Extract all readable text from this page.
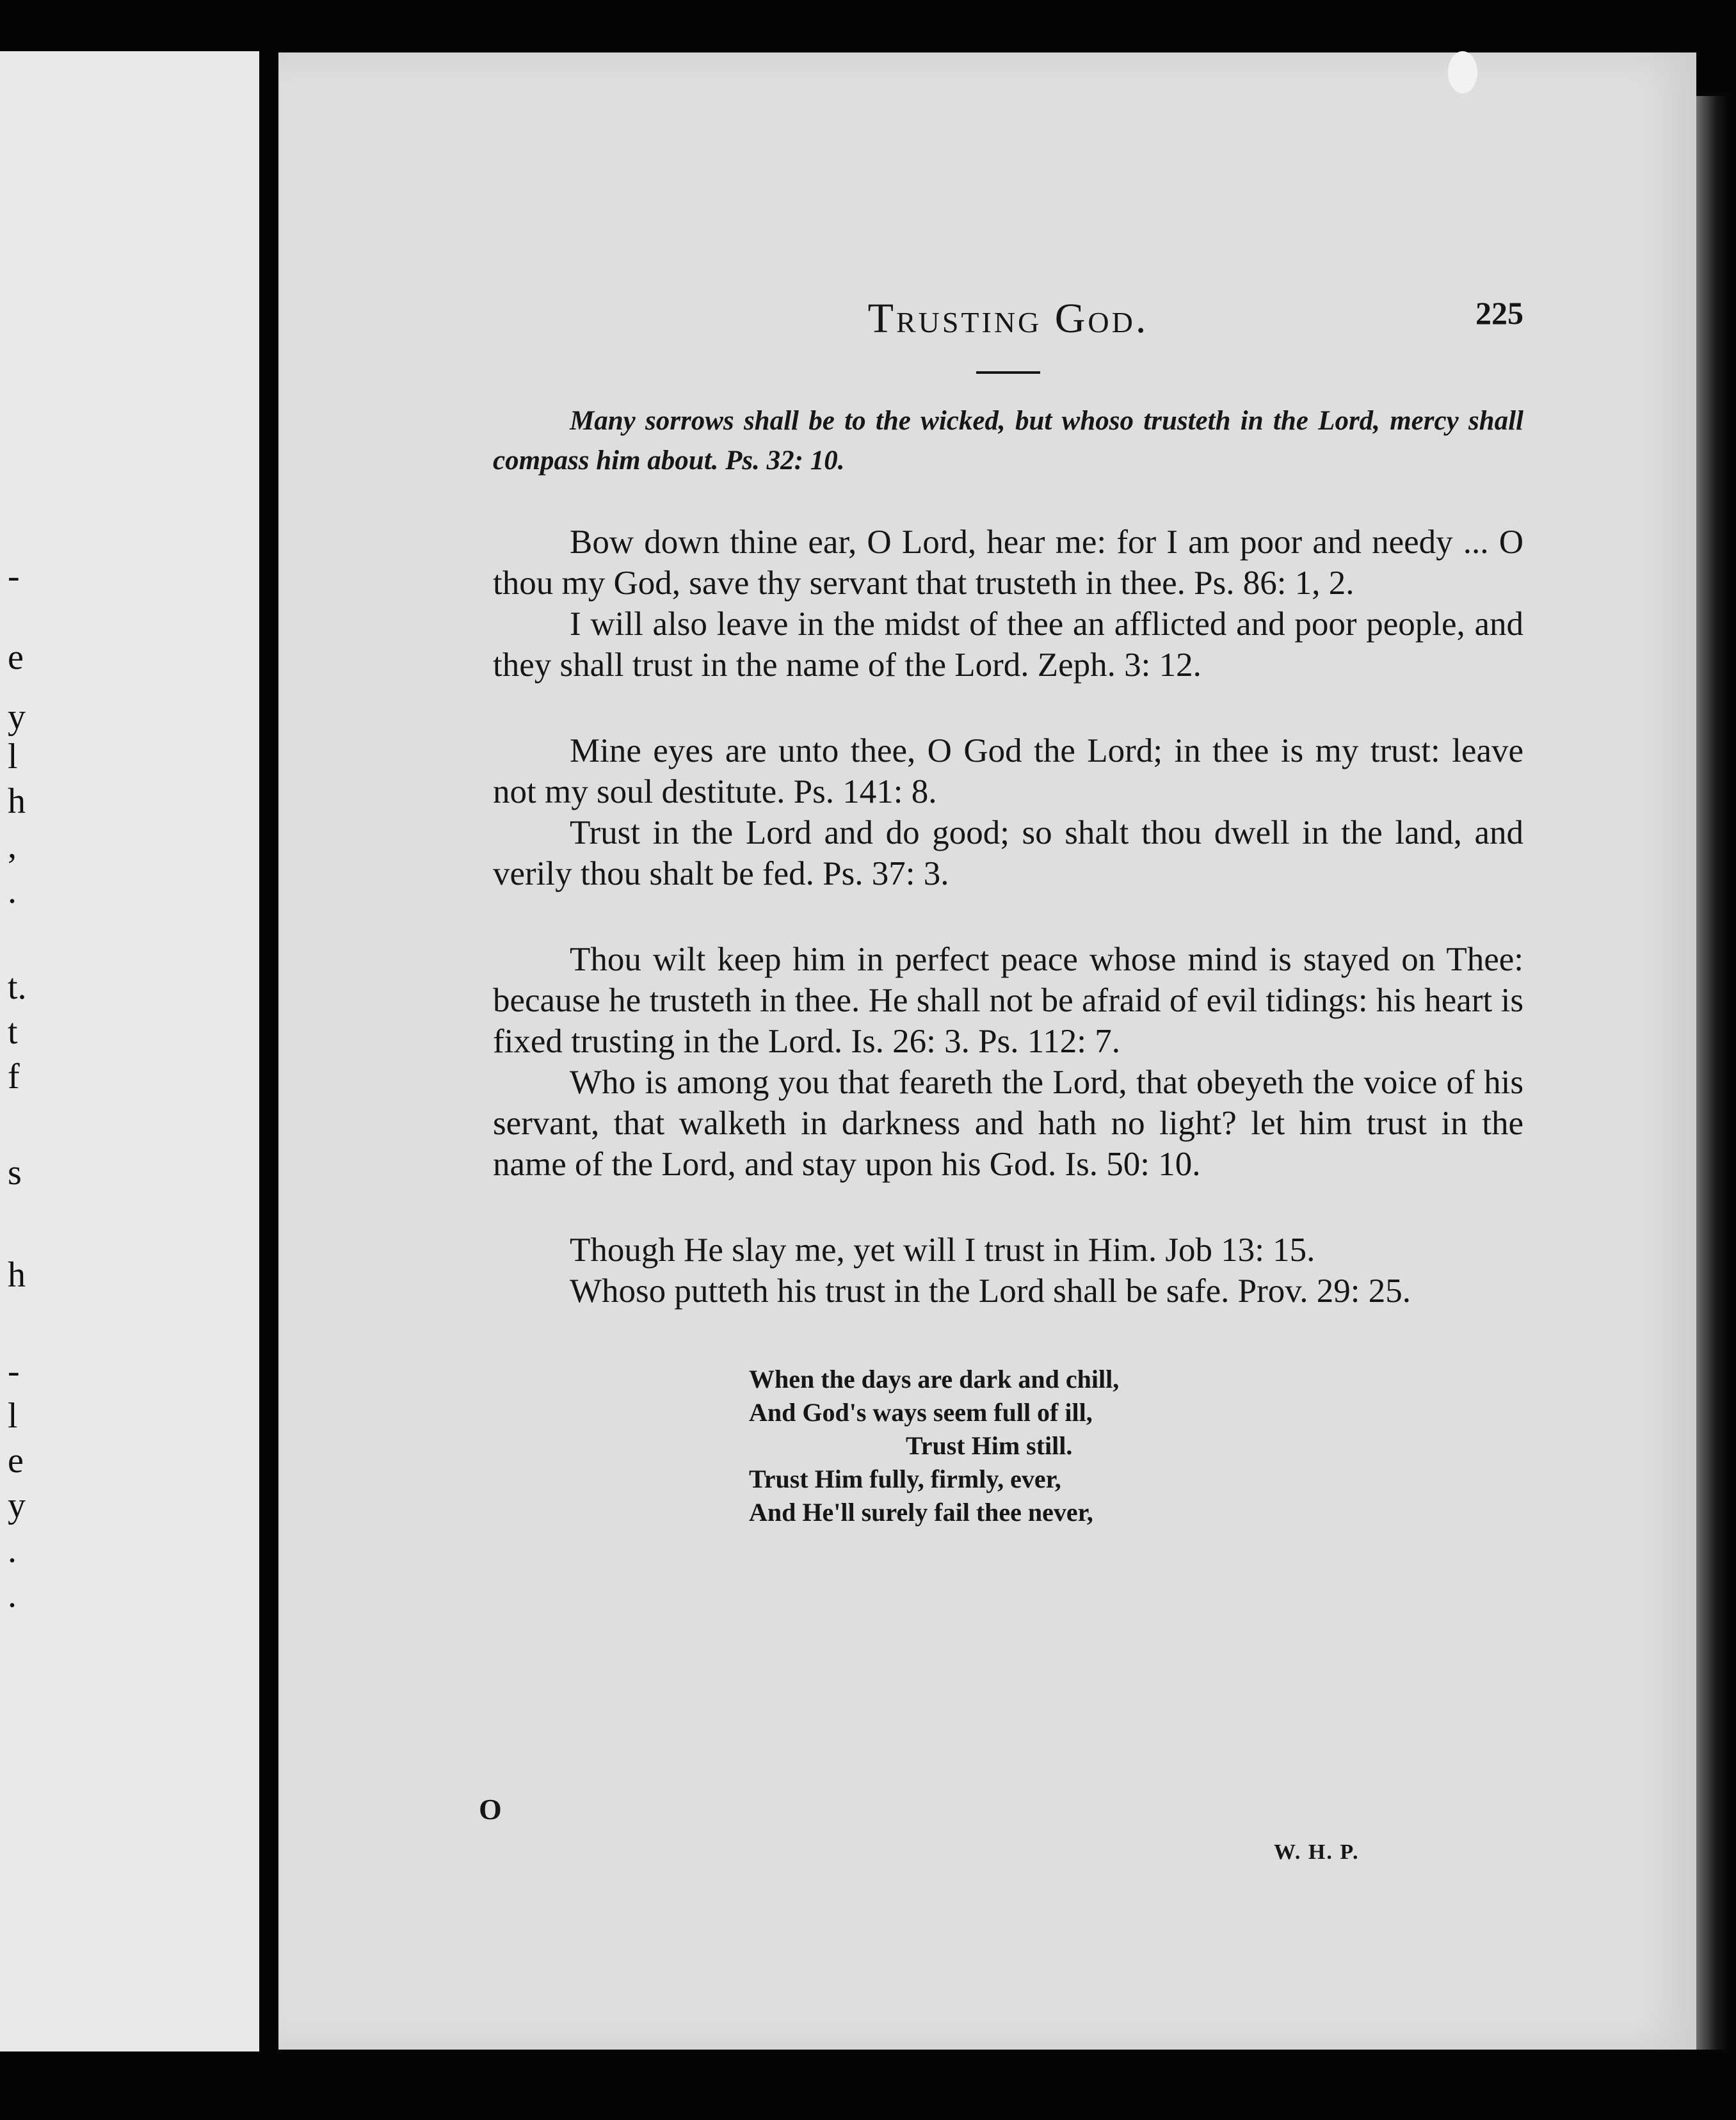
-
e
y
l
h
,
.
t.
t
f
s
h
-
l
e
y
.
.
Trusting God.	225

Many sorrows shall be to the wicked, but whoso trusteth in the Lord, mercy shall compass him about. Ps. 32: 10.

Bow down thine ear, O Lord, hear me: for I am poor and needy ... O thou my God, save thy servant that trusteth in thee. Ps. 86: 1, 2.

I will also leave in the midst of thee an afflicted and poor people, and they shall trust in the name of the Lord. Zeph. 3: 12.

Mine eyes are unto thee, O God the Lord; in thee is my trust: leave not my soul destitute. Ps. 141: 8.

Trust in the Lord and do good; so shalt thou dwell in the land, and verily thou shalt be fed. Ps. 37: 3.

Thou wilt keep him in perfect peace whose mind is stayed on Thee: because he trusteth in thee. He shall not be afraid of evil tidings: his heart is fixed trusting in the Lord. Is. 26: 3. Ps. 112: 7.

Who is among you that feareth the Lord, that obeyeth the voice of his servant, that walketh in darkness and hath no light? let him trust in the name of the Lord, and stay upon his God. Is. 50: 10.

Though He slay me, yet will I trust in Him. Job 13: 15.

Whoso putteth his trust in the Lord shall be safe. Prov. 29: 25.

When the days are dark and chill,
And God's ways seem full of ill,
Trust Him still.
Trust Him fully, firmly, ever,
And He'll surely fail thee never,
O
W. H. P.
